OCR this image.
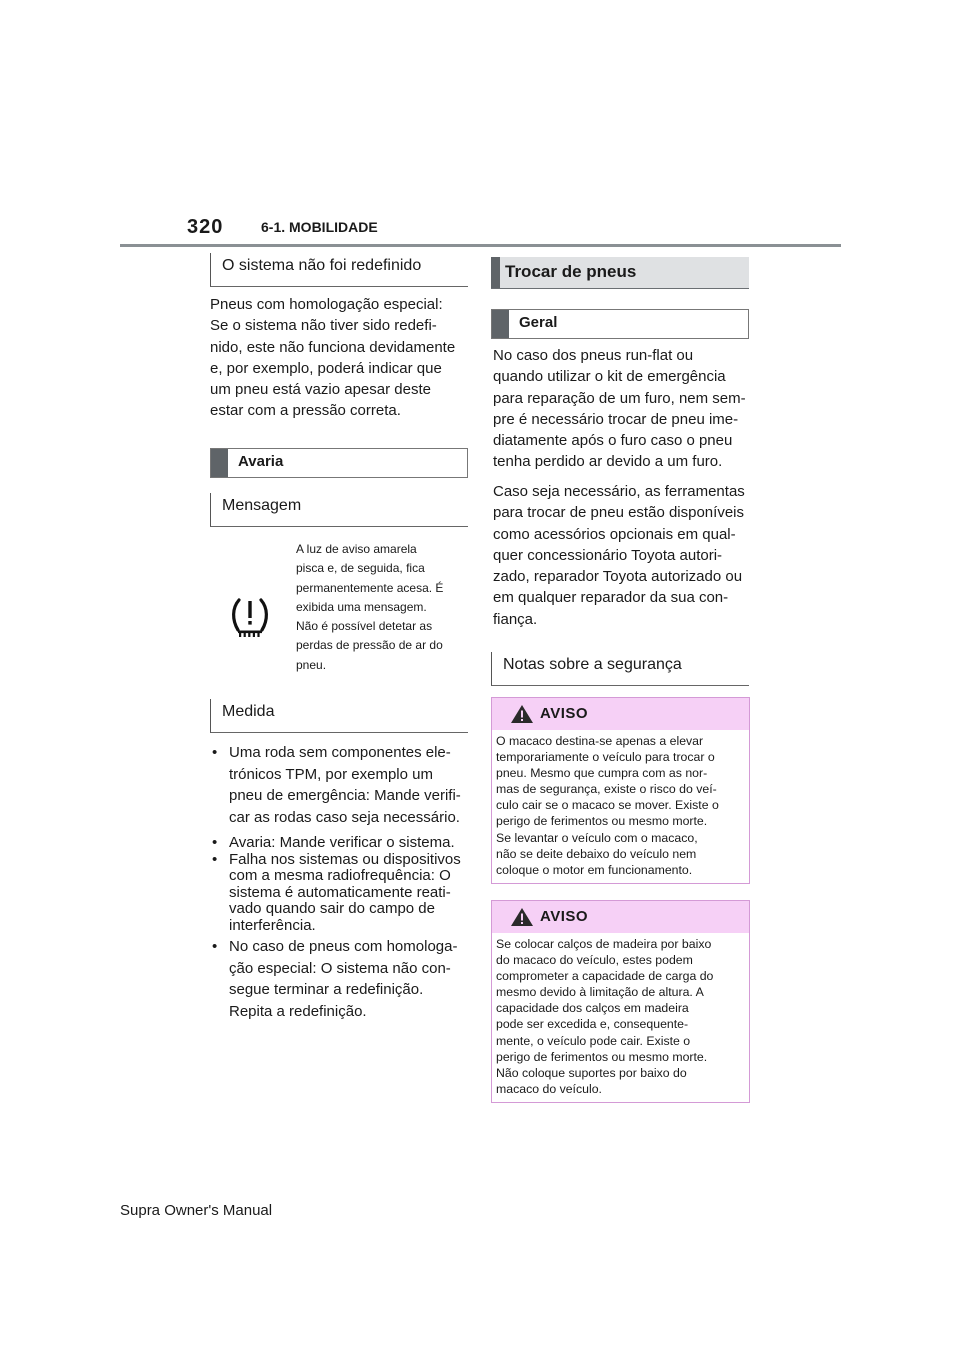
320	6-1. MOBILIDADE
O sistema não foi redefinido
Pneus com homologação especial:
Se o sistema não tiver sido redefi-
nido, este não funciona devidamente
e, por exemplo, poderá indicar que
um pneu está vazio apesar deste
estar com a pressão correta.
Avaria
Mensagem
A luz de aviso amarela
pisca e, de seguida, fica
permanentemente acesa. É
exibida uma mensagem.
Não é possível detetar as
perdas de pressão de ar do
pneu.
Medida
• Uma roda sem componentes ele-
trónicos TPM, por exemplo um
pneu de emergência: Mande verifi-
car as rodas caso seja necessário.
• Avaria: Mande verificar o sistema.
• Falha nos sistemas ou dispositivos
com a mesma radiofrequência: O
sistema é automaticamente reati-
vado quando sair do campo de
interferência.
• No caso de pneus com homologa-
ção especial: O sistema não con-
segue terminar a redefinição.
Repita a redefinição.
Trocar de pneus
Geral
No caso dos pneus run-flat ou
quando utilizar o kit de emergência
para reparação de um furo, nem sem-
pre é necessário trocar de pneu ime-
diatamente após o furo caso o pneu
tenha perdido ar devido a um furo.
Caso seja necessário, as ferramentas
para trocar de pneu estão disponíveis
como acessórios opcionais em qual-
quer concessionário Toyota autori-
zado, reparador Toyota autorizado ou
em qualquer reparador da sua con-
fiança.
Notas sobre a segurança
AVISO
O macaco destina-se apenas a elevar
temporariamente o veículo para trocar o
pneu. Mesmo que cumpra com as nor-
mas de segurança, existe o risco do veí-
culo cair se o macaco se mover. Existe o
perigo de ferimentos ou mesmo morte.
Se levantar o veículo com o macaco,
não se deite debaixo do veículo nem
coloque o motor em funcionamento.
AVISO
Se colocar calços de madeira por baixo
do macaco do veículo, estes podem
comprometer a capacidade de carga do
mesmo devido à limitação de altura. A
capacidade dos calços em madeira
pode ser excedida e, consequente-
mente, o veículo pode cair. Existe o
perigo de ferimentos ou mesmo morte.
Não coloque suportes por baixo do
macaco do veículo.
Supra Owner's Manual
